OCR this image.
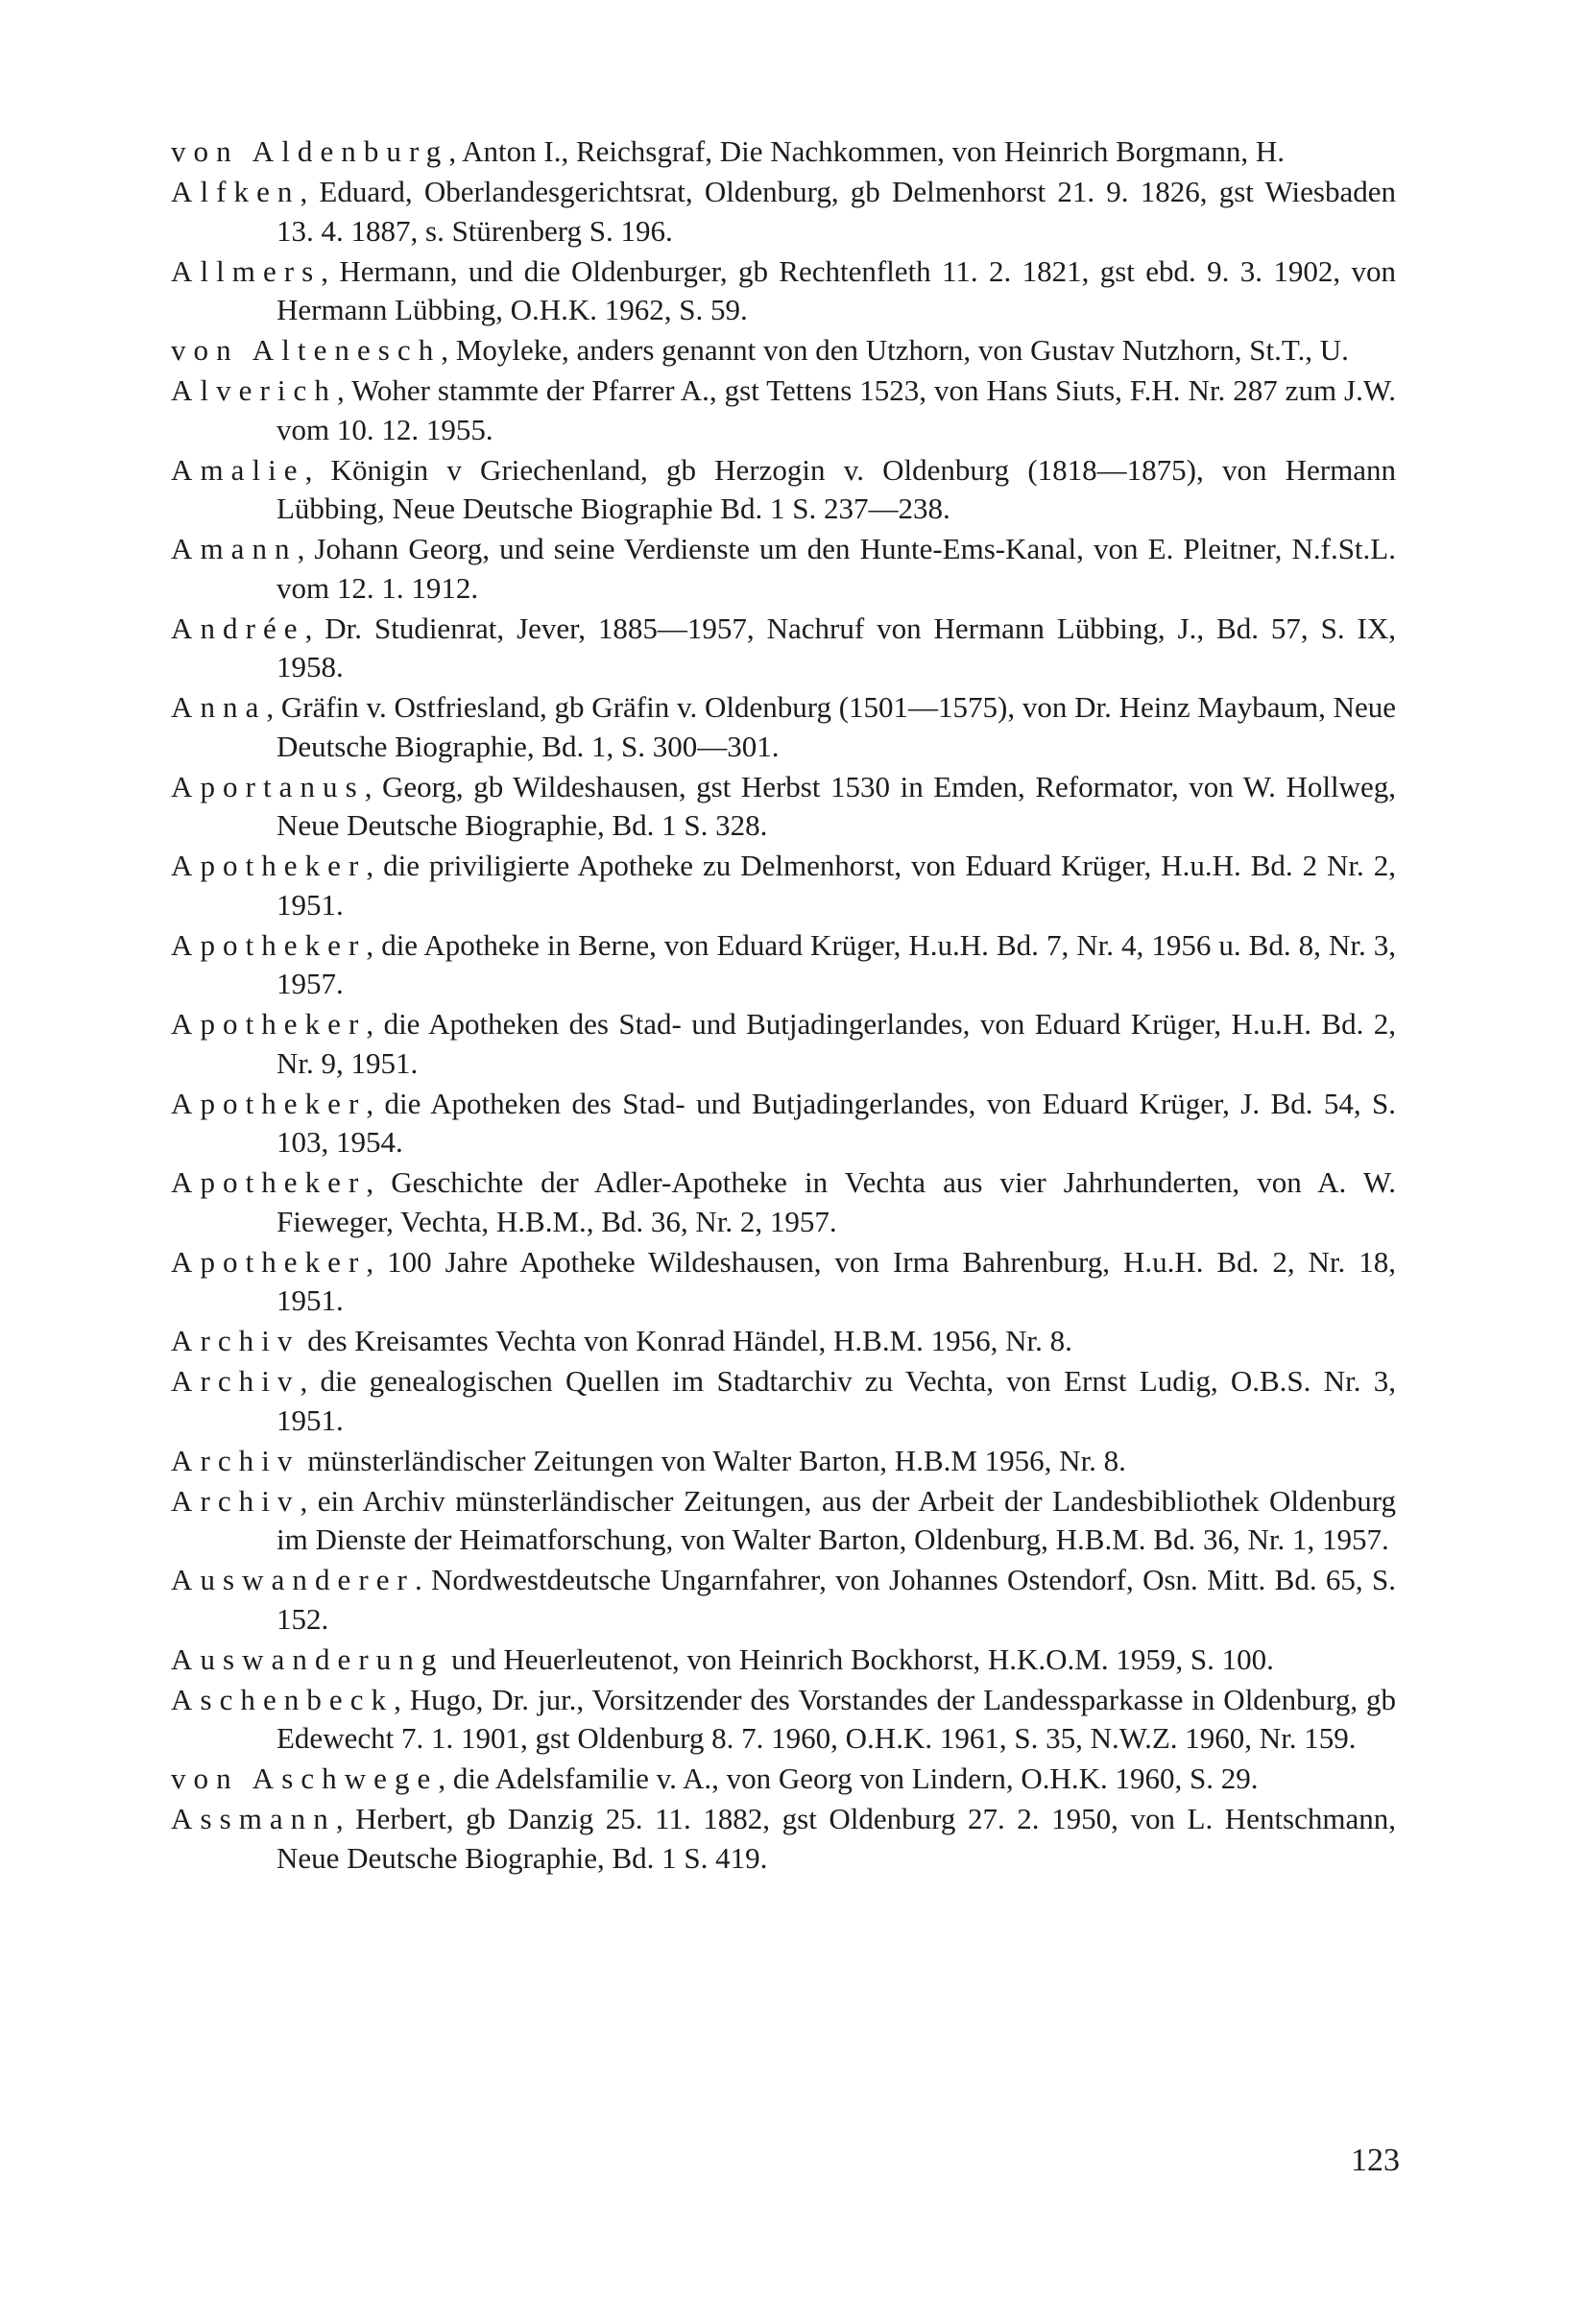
von Aldenburg, Anton I., Reichsgraf, Die Nachkommen, von Heinrich Borgmann, H.

Alfken, Eduard, Oberlandesgerichtsrat, Oldenburg, gb Delmenhorst 21. 9. 1826, gst Wiesbaden 13. 4. 1887, s. Stürenberg S. 196.

Allmers, Hermann, und die Oldenburger, gb Rechtenfleth 11. 2. 1821, gst ebd. 9. 3. 1902, von Hermann Lübbing, O.H.K. 1962, S. 59.

von Altenesch, Moyleke, anders genannt von den Utzhorn, von Gustav Nutzhorn, St.T., U.

Alverich, Woher stammte der Pfarrer A., gst Tettens 1523, von Hans Siuts, F.H. Nr. 287 zum J.W. vom 10. 12. 1955.

Amalie, Königin v Griechenland, gb Herzogin v. Oldenburg (1818—1875), von Hermann Lübbing, Neue Deutsche Biographie Bd. 1 S. 237—238.

Amann, Johann Georg, und seine Verdienste um den Hunte-Ems-Kanal, von E. Pleitner, N.f.St.L. vom 12. 1. 1912.

Andrée, Dr. Studienrat, Jever, 1885—1957, Nachruf von Hermann Lübbing, J., Bd. 57, S. IX, 1958.

Anna, Gräfin v. Ostfriesland, gb Gräfin v. Oldenburg (1501—1575), von Dr. Heinz Maybaum, Neue Deutsche Biographie, Bd. 1, S. 300—301.

Aportanus, Georg, gb Wildeshausen, gst Herbst 1530 in Emden, Reformator, von W. Hollweg, Neue Deutsche Biographie, Bd. 1 S. 328.

Apotheker, die priviligierte Apotheke zu Delmenhorst, von Eduard Krüger, H.u.H. Bd. 2 Nr. 2, 1951.

Apotheker, die Apotheke in Berne, von Eduard Krüger, H.u.H. Bd. 7, Nr. 4, 1956 u. Bd. 8, Nr. 3, 1957.

Apotheker, die Apotheken des Stad- und Butjadingerlandes, von Eduard Krüger, H.u.H. Bd. 2, Nr. 9, 1951.

Apotheker, die Apotheken des Stad- und Butjadingerlandes, von Eduard Krüger, J. Bd. 54, S. 103, 1954.

Apotheker, Geschichte der Adler-Apotheke in Vechta aus vier Jahrhunderten, von A. W. Fieweger, Vechta, H.B.M., Bd. 36, Nr. 2, 1957.

Apotheker, 100 Jahre Apotheke Wildeshausen, von Irma Bahrenburg, H.u.H. Bd. 2, Nr. 18, 1951.

Archiv des Kreisamtes Vechta von Konrad Händel, H.B.M. 1956, Nr. 8.

Archiv, die genealogischen Quellen im Stadtarchiv zu Vechta, von Ernst Ludig, O.B.S. Nr. 3, 1951.

Archiv münsterländischer Zeitungen von Walter Barton, H.B.M 1956, Nr. 8.

Archiv, ein Archiv münsterländischer Zeitungen, aus der Arbeit der Landesbibliothek Oldenburg im Dienste der Heimatforschung, von Walter Barton, Oldenburg, H.B.M. Bd. 36, Nr. 1, 1957.

Auswanderer. Nordwestdeutsche Ungarnfahrer, von Johannes Ostendorf, Osn. Mitt. Bd. 65, S. 152.

Auswanderung und Heuerleutenot, von Heinrich Bockhorst, H.K.O.M. 1959, S. 100.

Aschenbeck, Hugo, Dr. jur., Vorsitzender des Vorstandes der Landessparkasse in Oldenburg, gb Edewecht 7. 1. 1901, gst Oldenburg 8. 7. 1960, O.H.K. 1961, S. 35, N.W.Z. 1960, Nr. 159.

von Aschwege, die Adelsfamilie v. A., von Georg von Lindern, O.H.K. 1960, S. 29.

Assmann, Herbert, gb Danzig 25. 11. 1882, gst Oldenburg 27. 2. 1950, von L. Hentschmann, Neue Deutsche Biographie, Bd. 1 S. 419.

123
